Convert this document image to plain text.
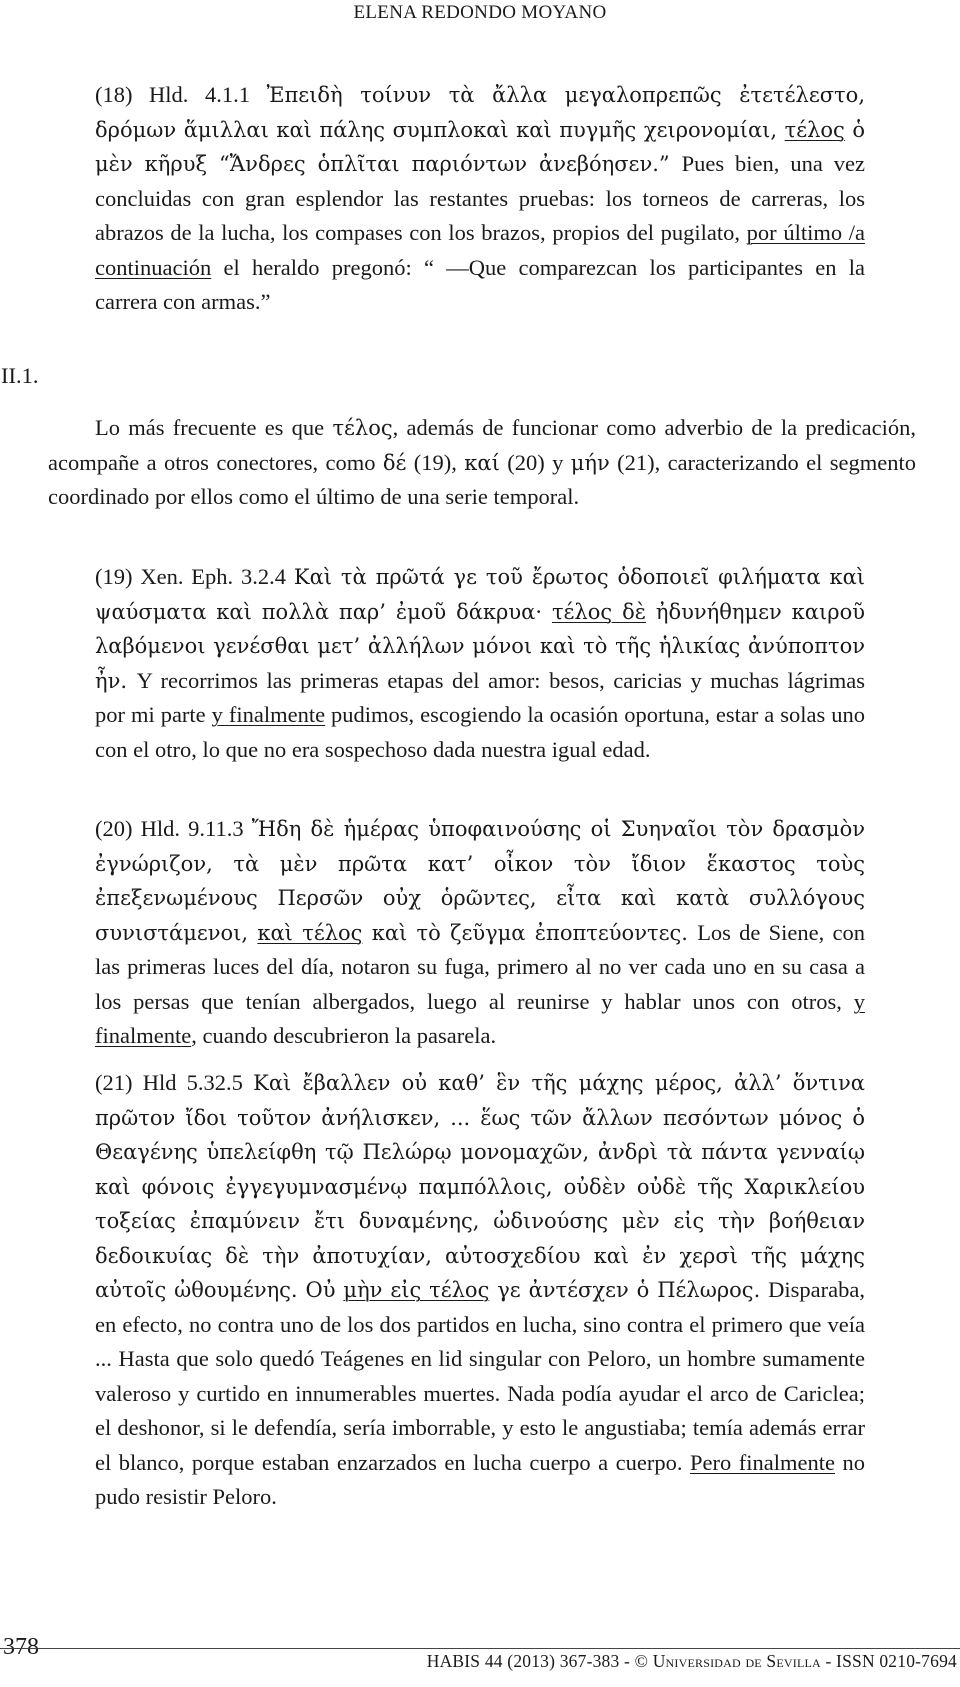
ELENA REDONDO MOYANO
(18) Hld. 4.1.1 Ἐπειδὴ τοίνυν τὰ ἄλλα μεγαλοπρεπῶς ἐτετέλεστο, δρόμων ἅμιλλαι καὶ πάλης συμπλοκαὶ καὶ πυγμῆς χειρονομίαι, τέλος ὁ μὲν κῆρυξ “Ἄνδρες ὁπλῖται παριόντων ἀνεβόησεν.” Pues bien, una vez concluidas con gran esplendor las restantes pruebas: los torneos de carreras, los abrazos de la lucha, los compases con los brazos, propios del pugilato, por último /a continuación el heraldo pregonó: “ —Que comparezcan los participantes en la carrera con armas.”
II.1.
Lo más frecuente es que τέλος, además de funcionar como adverbio de la predicación, acompañe a otros conectores, como δέ (19), καί (20) y μήν (21), caracterizando el segmento coordinado por ellos como el último de una serie temporal.
(19) Xen. Eph. 3.2.4 Καὶ τὰ πρῶτά γε τοῦ ἔρωτος ὁδοποιεῖ φιλήματα καὶ ψαύσματα καὶ πολλὰ παρ’ ἐμοῦ δάκρυα· τέλος δὲ ἠδυνήθημεν καιροῦ λαβόμενοι γενέσθαι μετ’ ἀλλήλων μόνοι καὶ τὸ τῆς ἡλικίας ἀνύποπτον ἦν. Y recorrimos las primeras etapas del amor: besos, caricias y muchas lágrimas por mi parte y finalmente pudimos, escogiendo la ocasión oportuna, estar a solas uno con el otro, lo que no era sospechoso dada nuestra igual edad.
(20) Hld. 9.11.3 Ἤδη δὲ ἡμέρας ὑποφαινούσης οἱ Συηναῖοι τὸν δρασμὸν ἐγνώριζον, τὰ μὲν πρῶτα κατ’ οἶκον τὸν ἴδιον ἕκαστος τοὺς ἐπεξενωμένους Περσῶν οὐχ ὁρῶντες, εἶτα καὶ κατὰ συλλόγους συνιστάμενοι, καὶ τέλος καὶ τὸ ζεῦγμα ἐποπτεύοντες. Los de Siene, con las primeras luces del día, notaron su fuga, primero al no ver cada uno en su casa a los persas que tenían albergados, luego al reunirse y hablar unos con otros, y finalmente, cuando descubrieron la pasarela.
(21) Hld 5.32.5 Καὶ ἔβαλλεν οὐ καθ’ ἓν τῆς μάχης μέρος, ἀλλ’ ὅντινα πρῶτον ἴδοι τοῦτον ἀνήλισκεν, ... ἕως τῶν ἄλλων πεσόντων μόνος ὁ Θεαγένης ὑπελείφθη τῷ Πελώρῳ μονομαχῶν, ἀνδρὶ τὰ πάντα γενναίῳ καὶ φόνοις ἐγγεγυμνασμένῳ παμπόλλοις, οὐδὲν οὐδὲ τῆς Χαρικλείου τοξείας ἐπαμύνειν ἔτι δυναμένης, ὠδινούσης μὲν εἰς τὴν βοήθειαν δεδοικυίας δὲ τὴν ἀποτυχίαν, αὐτοσχεδίου καὶ ἐν χερσὶ τῆς μάχης αὐτοῖς ὠθουμένης. Οὐ μὴν εἰς τέλος γε ἀντέσχεν ὁ Πέλωρος. Disparaba, en efecto, no contra uno de los dos partidos en lucha, sino contra el primero que veía ... Hasta que solo quedó Teágenes en lid singular con Peloro, un hombre sumamente valeroso y curtido en innumerables muertes. Nada podía ayudar el arco de Cariclea; el deshonor, si le defendía, sería imborrable, y esto le angustiaba; temía además errar el blanco, porque estaban enzarzados en lucha cuerpo a cuerpo. Pero finalmente no pudo resistir Peloro.
378
HABIS 44 (2013) 367-383 - © Universidad de Sevilla - ISSN 0210-7694
